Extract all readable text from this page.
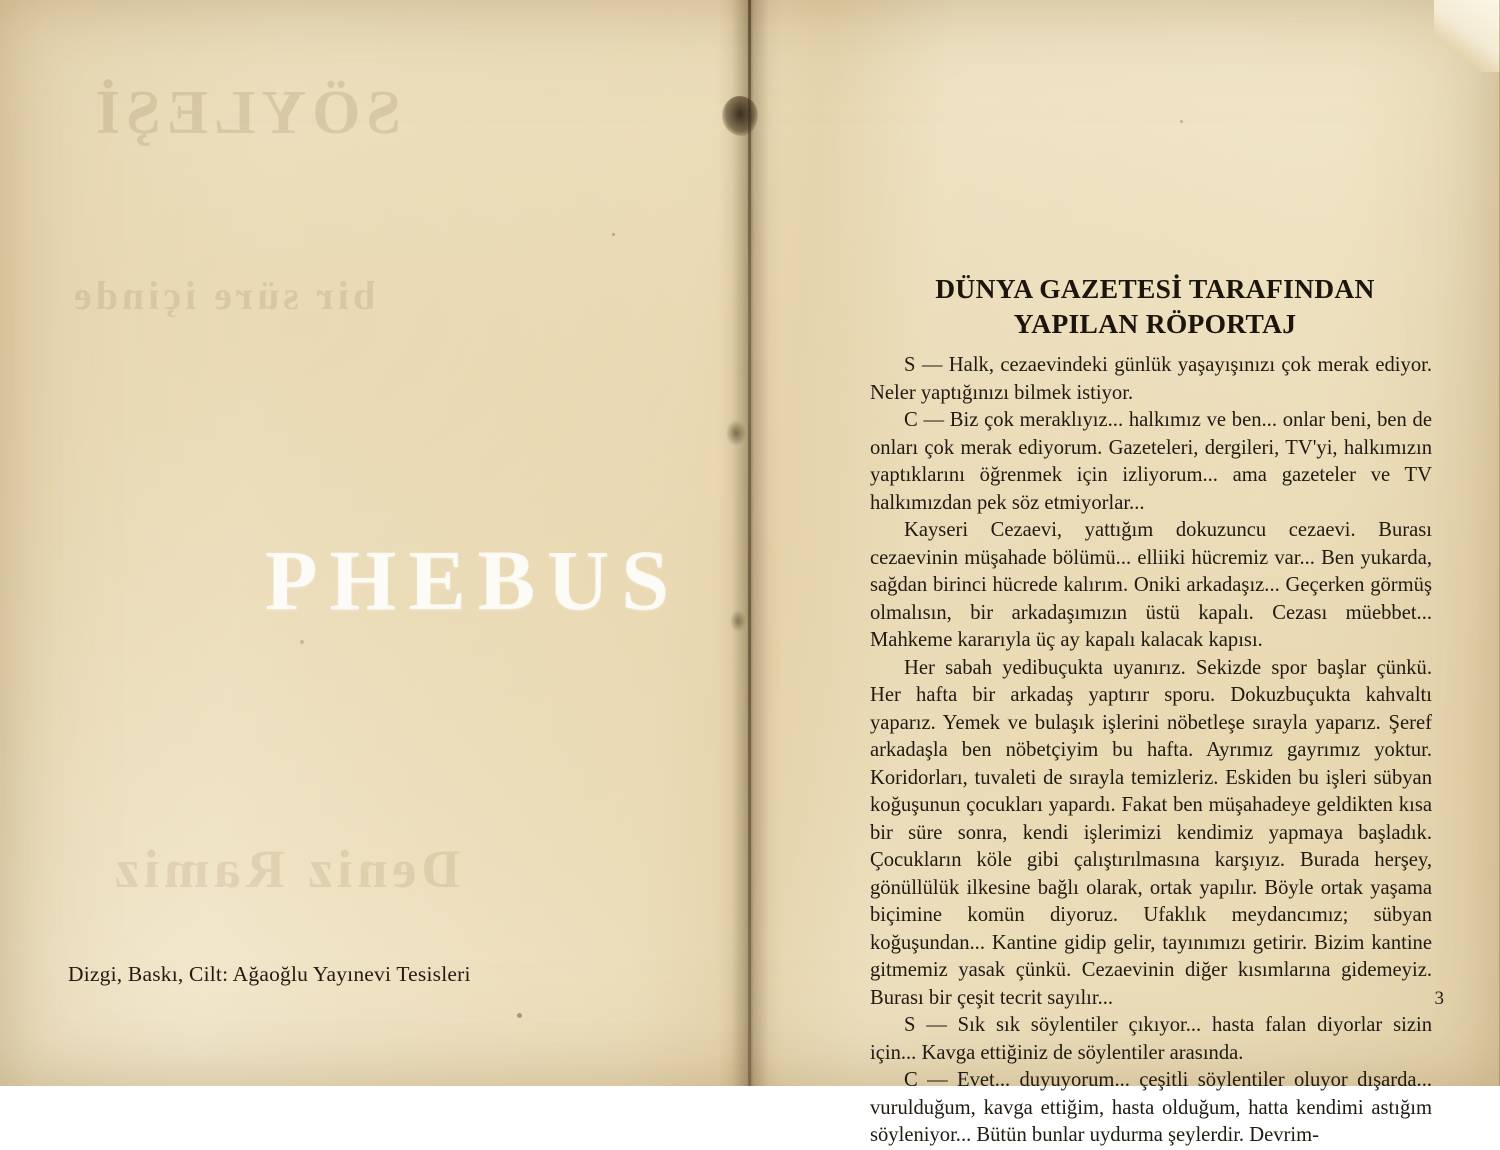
SÖYLEŞİ
bir süre içinde
Deniz Ramiz
Dizgi, Baskı, Cilt: Ağaoğlu Yayınevi Tesisleri
DÜNYA GAZETESİ TARAFINDAN YAPILAN RÖPORTAJ

S — Halk, cezaevindeki günlük yaşayışınızı çok merak ediyor. Neler yaptığınızı bilmek istiyor.

C — Biz çok meraklıyız... halkımız ve ben... onlar beni, ben de onları çok merak ediyorum. Gazeteleri, dergileri, TV'yi, halkımızın yaptıklarını öğrenmek için izliyorum... ama gazeteler ve TV halkımızdan pek söz etmiyorlar...

Kayseri Cezaevi, yattığım dokuzuncu cezaevi. Burası cezaevinin müşahade bölümü... elliiki hücremiz var... Ben yukarda, sağdan birinci hücrede kalırım. Oniki arkadaşız... Geçerken görmüş olmalısın, bir arkadaşımızın üstü kapalı. Cezası müebbet... Mahkeme kararıyla üç ay kapalı kalacak kapısı.

Her sabah yedibuçukta uyanırız. Sekizde spor başlar çünkü. Her hafta bir arkadaş yaptırır sporu. Dokuzbuçukta kahvaltı yaparız. Yemek ve bulaşık işlerini nöbetleşe sırayla yaparız. Şeref arkadaşla ben nöbetçiyim bu hafta. Ayrımız gayrımız yoktur. Koridorları, tuvaleti de sırayla temizleriz. Eskiden bu işleri sübyan koğuşunun çocukları yapardı. Fakat ben müşahadeye geldikten kısa bir süre sonra, kendi işlerimizi kendimiz yapmaya başladık. Çocukların köle gibi çalıştırılmasına karşıyız. Burada herşey, gönüllülük ilkesine bağlı olarak, ortak yapılır. Böyle ortak yaşama biçimine komün diyoruz. Ufaklık meydancımız; sübyan koğuşundan... Kantine gidip gelir, tayınımızı getirir. Bizim kantine gitmemiz yasak çünkü. Cezaevinin diğer kısımlarına gidemeyiz. Burası bir çeşit tecrit sayılır...

S — Sık sık söylentiler çıkıyor... hasta falan diyorlar sizin için... Kavga ettiğiniz de söylentiler arasında.

C — Evet... duyuyorum... çeşitli söylentiler oluyor dışarda... vurulduğum, kavga ettiğim, hasta olduğum, hatta kendimi astığım söyleniyor... Bütün bunlar uydurma şeylerdir. Devrim-

3
PHEBUS
